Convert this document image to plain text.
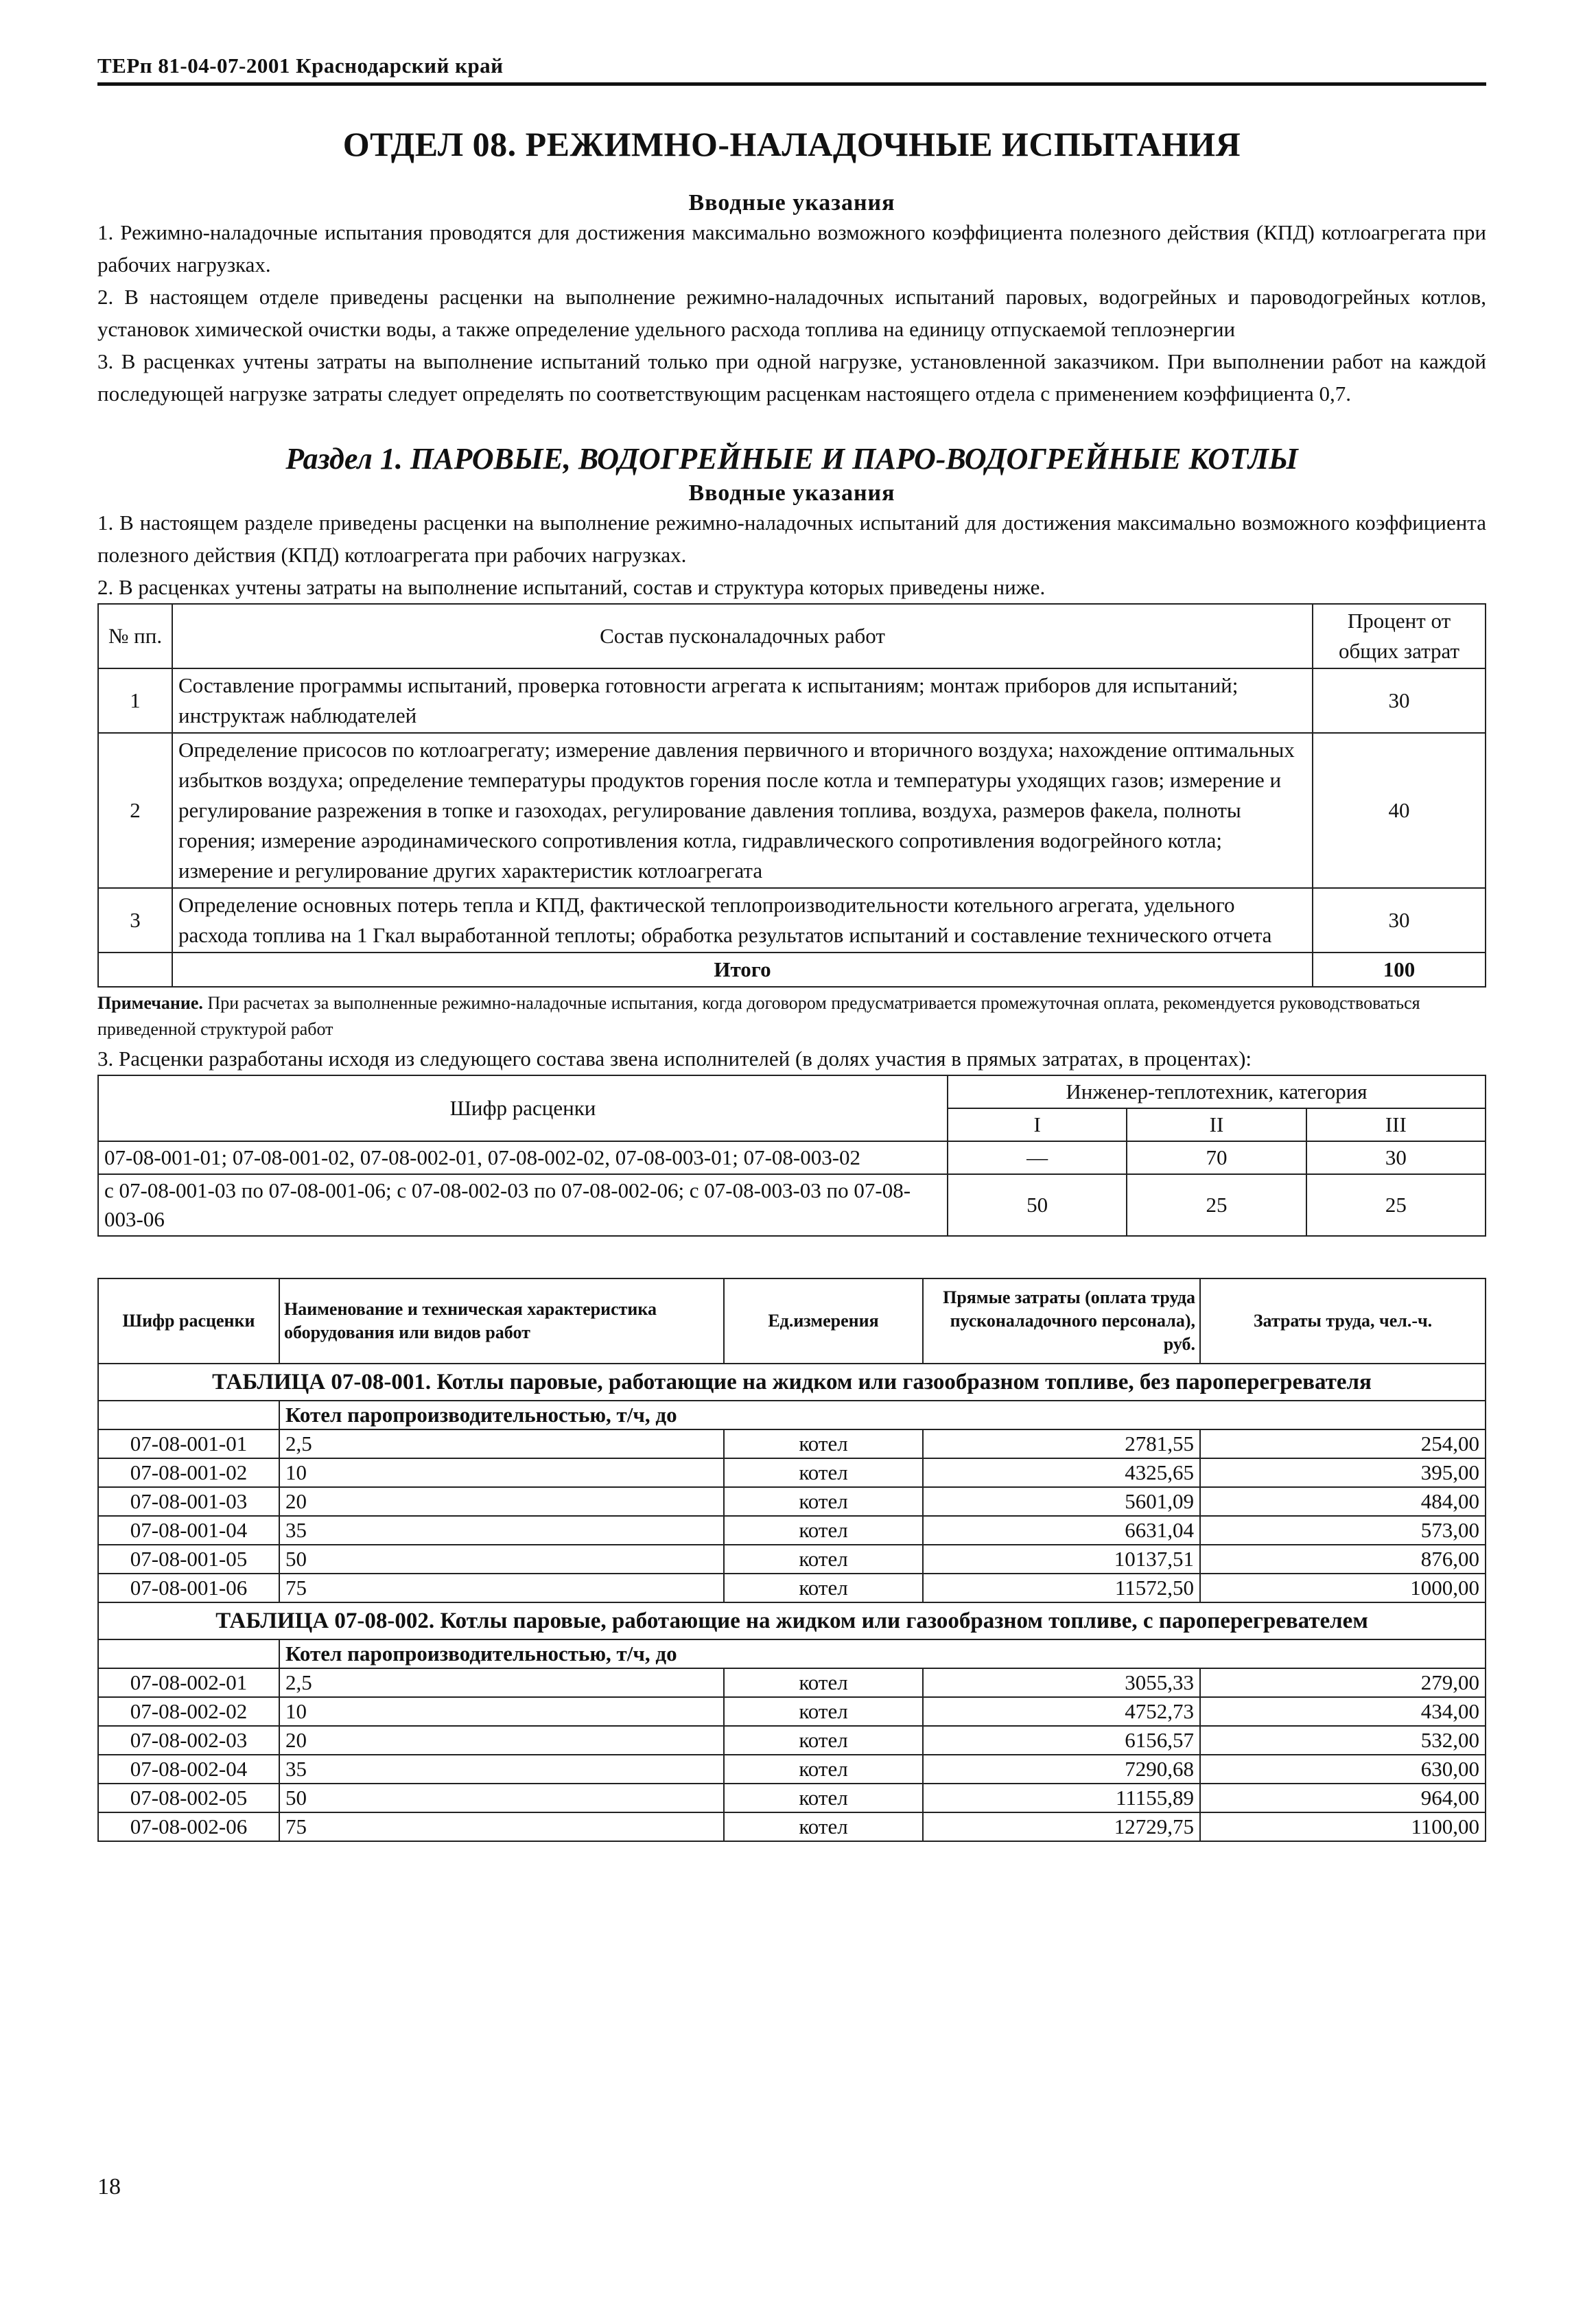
ТЕРп 81-04-07-2001 Краснодарский край
ОТДЕЛ 08. РЕЖИМНО-НАЛАДОЧНЫЕ ИСПЫТАНИЯ
Вводные указания
1. Режимно-наладочные испытания проводятся для достижения максимально возможного коэффициента полезного действия (КПД) котлоагрегата при рабочих нагрузках.
2. В настоящем отделе приведены расценки на выполнение режимно-наладочных испытаний паровых, водогрейных и пароводогрейных котлов, установок химической очистки воды, а также определение удельного расхода топлива на единицу отпускаемой теплоэнергии
3. В расценках учтены затраты на выполнение испытаний только при одной нагрузке, установленной заказчиком. При выполнении работ на каждой последующей нагрузке затраты следует определять по соответствующим расценкам настоящего отдела с применением коэффициента 0,7.
Раздел 1. ПАРОВЫЕ, ВОДОГРЕЙНЫЕ И ПАРО-ВОДОГРЕЙНЫЕ КОТЛЫ
Вводные указания
1. В настоящем разделе приведены расценки на выполнение режимно-наладочных испытаний для достижения максимально возможного коэффициента полезного действия (КПД) котлоагрегата при рабочих нагрузках.
2. В расценках учтены затраты на выполнение испытаний, состав и структура которых приведены ниже.
№ пп.	Состав пусконаладочных работ	Процент от общих затрат
1	Составление программы испытаний, проверка готовности агрегата к испытаниям; монтаж приборов для испытаний; инструктаж наблюдателей	30
2	Определение присосов по котлоагрегату; измерение давления первичного и вторичного воздуха; нахождение оптимальных избытков воздуха; определение температуры продуктов горения после котла и температуры уходящих газов; измерение и регулирование разрежения в топке и газоходах, регулирование давления топлива, воздуха, размеров факела, полноты горения; измерение аэродинамического сопротивления котла, гидравлического сопротивления водогрейного котла; измерение и регулирование других характеристик котлоагрегата	40
3	Определение основных потерь тепла и КПД, фактической теплопроизводительности котельного агрегата, удельного расхода топлива на 1 Гкал выработанной теплоты; обработка результатов испытаний и составление технического отчета	30
	Итого	100
Примечание. При расчетах за выполненные режимно-наладочные испытания, когда договором предусматривается промежуточная оплата, рекомендуется руководствоваться приведенной структурой работ
3. Расценки разработаны исходя из следующего состава звена исполнителей (в долях участия в прямых затратах, в процентах):
Шифр расценки	Инженер-теплотехник, категория		
	I	II	III
07-08-001-01; 07-08-001-02, 07-08-002-01, 07-08-002-02, 07-08-003-01; 07-08-003-02	—	70	30
с 07-08-001-03 по 07-08-001-06; с 07-08-002-03 по 07-08-002-06; с 07-08-003-03 по 07-08-003-06	50	25	25
Шифр расценки	Наименование и техническая характеристика оборудования или видов работ	Ед.измерения	Прямые затраты (оплата труда пусконаладочного персонала), руб.	Затраты труда, чел.-ч.
ТАБЛИЦА 07-08-001. Котлы паровые, работающие на жидком или газообразном топливе, без пароперегревателя				
	Котел паропроизводительностью, т/ч, до			
07-08-001-01	2,5	котел	2781,55	254,00
07-08-001-02	10	котел	4325,65	395,00
07-08-001-03	20	котел	5601,09	484,00
07-08-001-04	35	котел	6631,04	573,00
07-08-001-05	50	котел	10137,51	876,00
07-08-001-06	75	котел	11572,50	1000,00
ТАБЛИЦА 07-08-002. Котлы паровые, работающие на жидком или газообразном топливе, с пароперегревателем				
	Котел паропроизводительностью, т/ч, до			
07-08-002-01	2,5	котел	3055,33	279,00
07-08-002-02	10	котел	4752,73	434,00
07-08-002-03	20	котел	6156,57	532,00
07-08-002-04	35	котел	7290,68	630,00
07-08-002-05	50	котел	11155,89	964,00
07-08-002-06	75	котел	12729,75	1100,00
18
